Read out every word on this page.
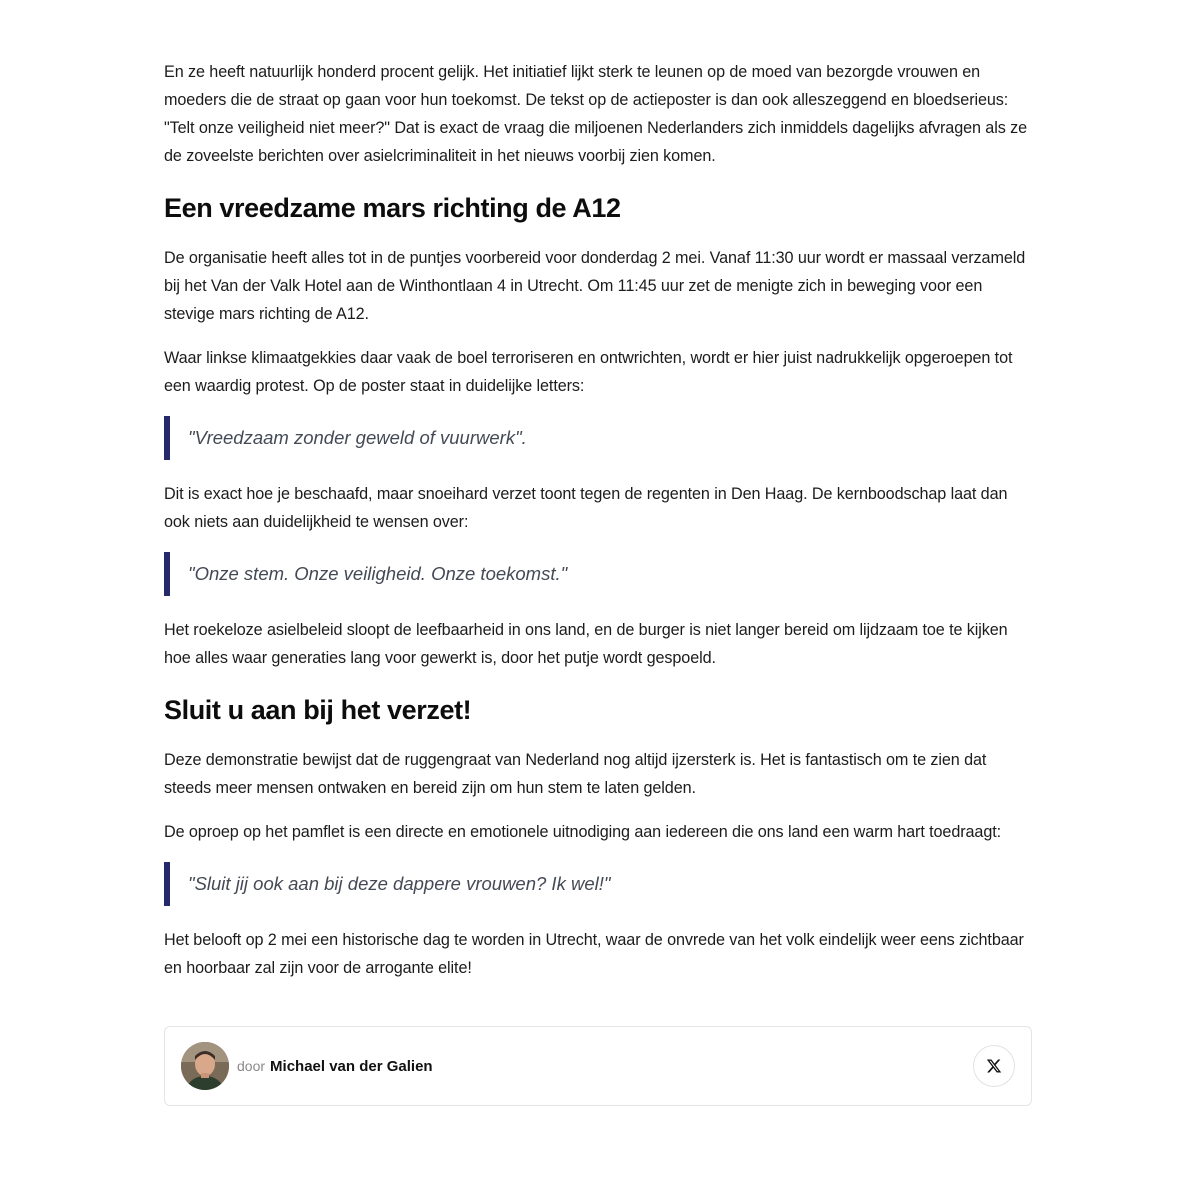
En ze heeft natuurlijk honderd procent gelijk. Het initiatief lijkt sterk te leunen op de moed van bezorgde vrouwen en moeders die de straat op gaan voor hun toekomst. De tekst op de actieposter is dan ook alleszeggend en bloedserieus: "Telt onze veiligheid niet meer?" Dat is exact de vraag die miljoenen Nederlanders zich inmiddels dagelijks afvragen als ze de zoveelste berichten over asielcriminaliteit in het nieuws voorbij zien komen.

Een vreedzame mars richting de A12

De organisatie heeft alles tot in de puntjes voorbereid voor donderdag 2 mei. Vanaf 11:30 uur wordt er massaal verzameld bij het Van der Valk Hotel aan de Winthontlaan 4 in Utrecht. Om 11:45 uur zet de menigte zich in beweging voor een stevige mars richting de A12.

Waar linkse klimaatgekkies daar vaak de boel terroriseren en ontwrichten, wordt er hier juist nadrukkelijk opgeroepen tot een waardig protest. Op de poster staat in duidelijke letters:

"Vreedzaam zonder geweld of vuurwerk".

Dit is exact hoe je beschaafd, maar snoeihard verzet toont tegen de regenten in Den Haag. De kernboodschap laat dan ook niets aan duidelijkheid te wensen over:

"Onze stem. Onze veiligheid. Onze toekomst."

Het roekeloze asielbeleid sloopt de leefbaarheid in ons land, en de burger is niet langer bereid om lijdzaam toe te kijken hoe alles waar generaties lang voor gewerkt is, door het putje wordt gespoeld.

Sluit u aan bij het verzet!

Deze demonstratie bewijst dat de ruggengraat van Nederland nog altijd ijzersterk is. Het is fantastisch om te zien dat steeds meer mensen ontwaken en bereid zijn om hun stem te laten gelden.

De oproep op het pamflet is een directe en emotionele uitnodiging aan iedereen die ons land een warm hart toedraagt:

"Sluit jij ook aan bij deze dappere vrouwen? Ik wel!"

Het belooft op 2 mei een historische dag te worden in Utrecht, waar de onvrede van het volk eindelijk weer eens zichtbaar en hoorbaar zal zijn voor de arrogante elite!

door Michael van der Galien
